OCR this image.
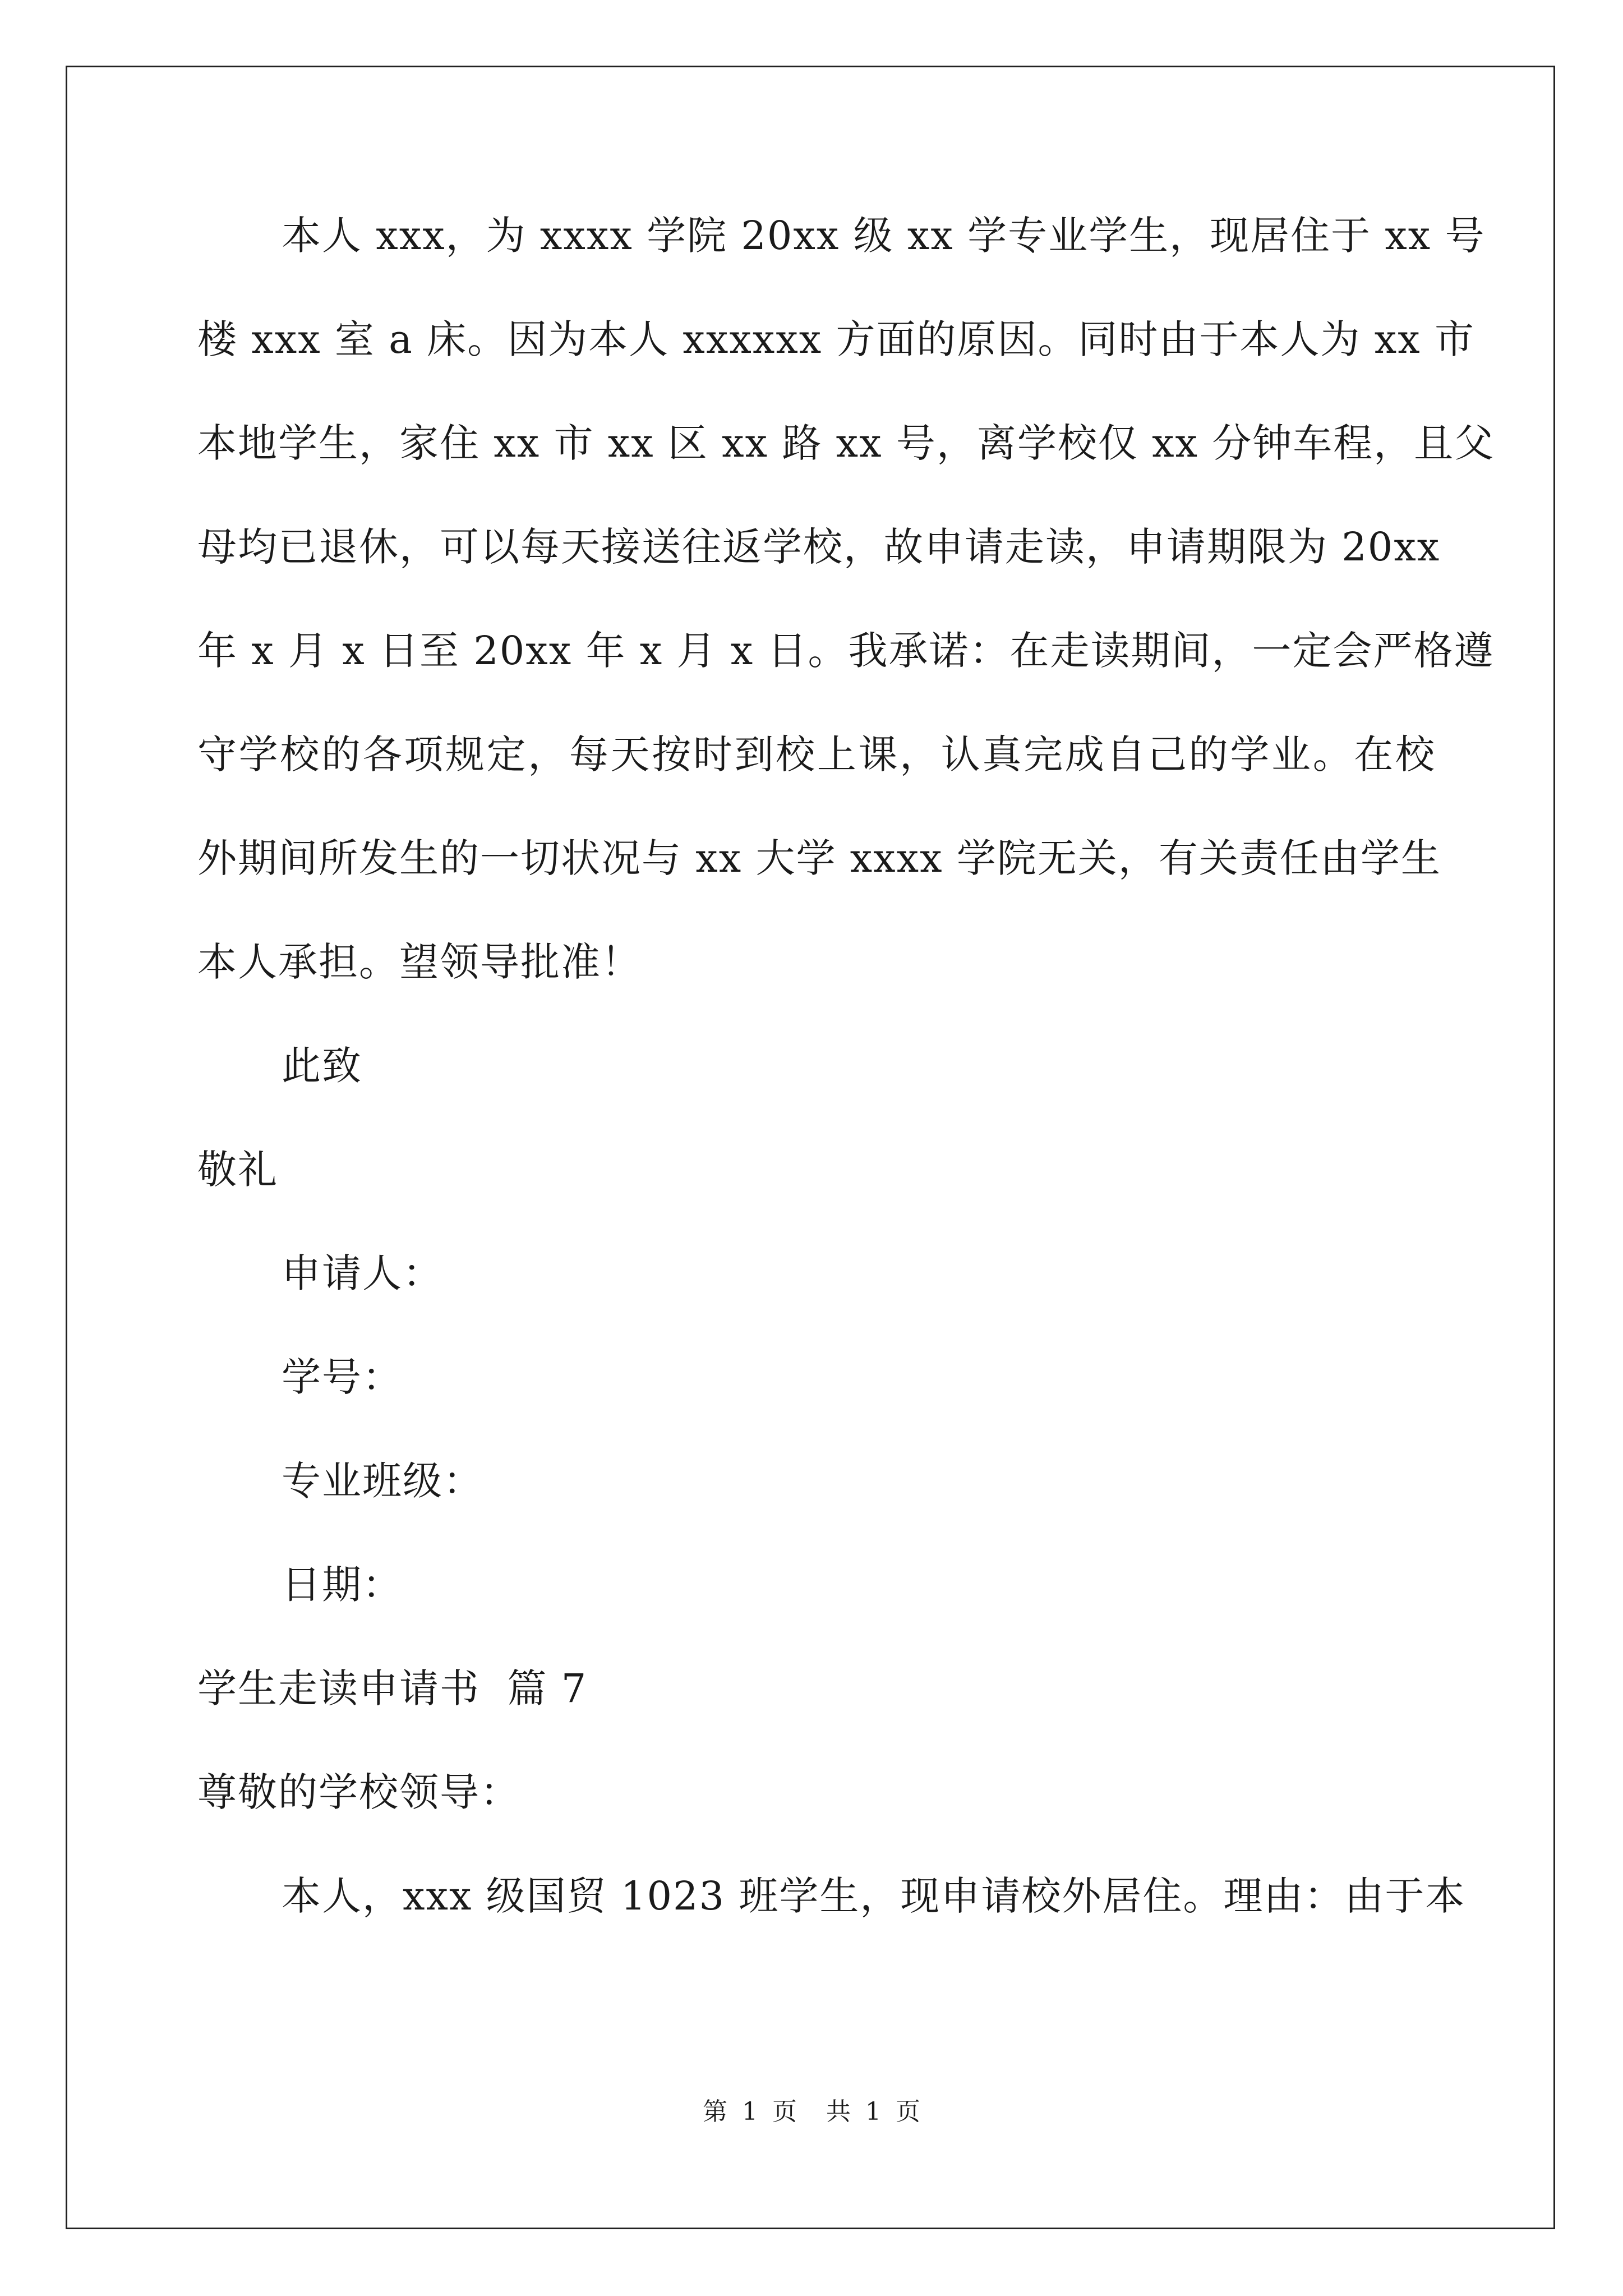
本人 xxx，为 xxxx 学院 20xx 级 xx 学专业学生，现居住于 xx 号
楼 xxx 室 a 床。因为本人 xxxxxx 方面的原因。同时由于本人为 xx 市
本地学生，家住 xx 市 xx 区 xx 路 xx 号，离学校仅 xx 分钟车程，且父
母均已退休，可以每天接送往返学校，故申请走读，申请期限为 20xx
年 x 月 x 日至 20xx 年 x 月 x 日。我承诺：在走读期间，一定会严格遵
守学校的各项规定，每天按时到校上课，认真完成自己的学业。在校
外期间所发生的一切状况与 xx 大学 xxxx 学院无关，有关责任由学生
本人承担。望领导批准！
此致
敬礼
申请人：
学号：
专业班级：
日期：
学生走读申请书  篇 7
尊敬的学校领导：
本人，xxx 级国贸 1023 班学生，现申请校外居住。理由：由于本
第 1 页  共 1 页
